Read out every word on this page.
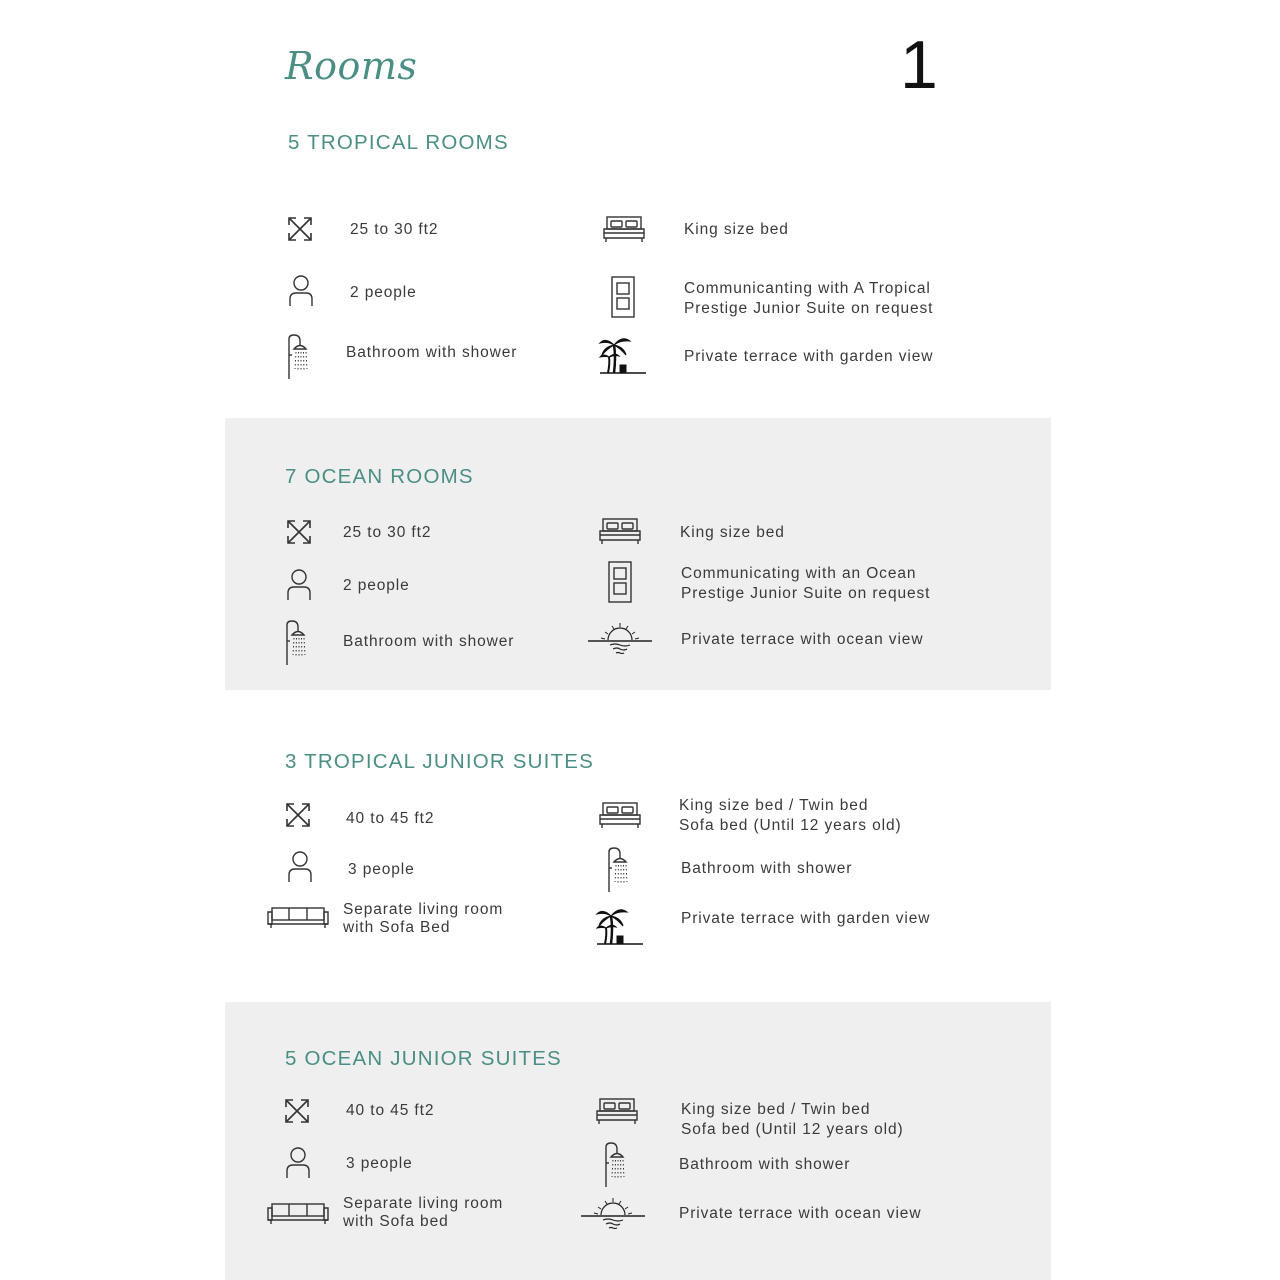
Rooms	1
5 TROPICAL ROOMS
25 to 30 ft2
2 people
Bathroom with shower
King size bed
Communicanting with A Tropical
Prestige Junior Suite on request
Private terrace with garden view
7 OCEAN ROOMS
25 to 30 ft2
2 people
Bathroom with shower
King size bed
Communicating with an Ocean
Prestige Junior Suite on request
Private terrace with ocean view
3 TROPICAL JUNIOR SUITES
40 to 45 ft2
3 people
Separate living room
with Sofa Bed
King size bed / Twin bed
Sofa bed (Until 12 years old)
Bathroom with shower
Private terrace with garden view
5 OCEAN JUNIOR SUITES
40 to 45 ft2
3 people
Separate living room
with Sofa bed
King size bed / Twin bed
Sofa bed (Until 12 years old)
Bathroom with shower
Private terrace with ocean view
